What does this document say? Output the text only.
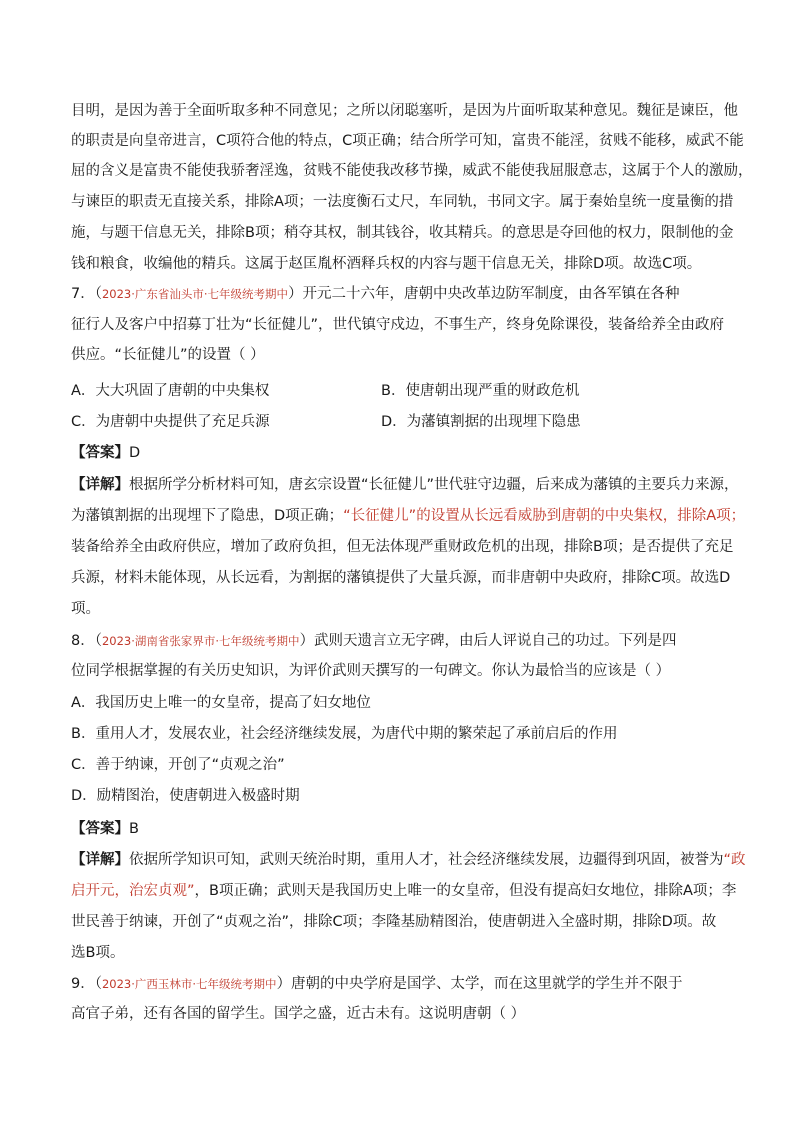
目明，是因为善于全面听取多种不同意见；之所以闭聪塞听，是因为片面听取某种意见。魏征是谏臣，他
的职责是向皇帝进言，C项符合他的特点，C项正确；结合所学可知，富贵不能淫，贫贱不能移，威武不能
屈的含义是富贵不能使我骄奢淫逸，贫贱不能使我改移节操，威武不能使我屈服意志，这属于个人的激励，
与谏臣的职责无直接关系，排除A项；一法度衡石丈尺，车同轨，书同文字。属于秦始皇统一度量衡的措
施，与题干信息无关，排除B项；稍夺其权，制其钱谷，收其精兵。的意思是夺回他的权力，限制他的金
钱和粮食，收编他的精兵。这属于赵匡胤杯酒释兵权的内容与题干信息无关，排除D项。故选C项。
7．（2023·广东省汕头市·七年级统考期中）开元二十六年，唐朝中央改革边防军制度，由各军镇在各种
征行人及客户中招募丁壮为“长征健儿”，世代镇守戍边，不事生产，终身免除课役，装备给养全由政府
供应。“长征健儿”的设置（ ）
A．大大巩固了唐朝的中央集权	B．使唐朝出现严重的财政危机
C．为唐朝中央提供了充足兵源	D．为藩镇割据的出现埋下隐患
【答案】D
【详解】根据所学分析材料可知，唐玄宗设置“长征健儿”世代驻守边疆，后来成为藩镇的主要兵力来源，
为藩镇割据的出现埋下了隐患，D项正确；“长征健儿”的设置从长远看威胁到唐朝的中央集权，排除A项；
装备给养全由政府供应，增加了政府负担，但无法体现严重财政危机的出现，排除B项；是否提供了充足
兵源，材料未能体现，从长远看，为割据的藩镇提供了大量兵源，而非唐朝中央政府，排除C项。故选D
项。
8．（2023·湖南省张家界市·七年级统考期中）武则天遗言立无字碑，由后人评说自己的功过。下列是四
位同学根据掌握的有关历史知识，为评价武则天撰写的一句碑文。你认为最恰当的应该是（ ）
A．我国历史上唯一的女皇帝，提高了妇女地位
B．重用人才，发展农业，社会经济继续发展，为唐代中期的繁荣起了承前启后的作用
C．善于纳谏，开创了“贞观之治”
D．励精图治，使唐朝进入极盛时期
【答案】B
【详解】依据所学知识可知，武则天统治时期，重用人才，社会经济继续发展，边疆得到巩固，被誉为“政
启开元，治宏贞观”，B项正确；武则天是我国历史上唯一的女皇帝，但没有提高妇女地位，排除A项；李
世民善于纳谏，开创了“贞观之治”，排除C项；李隆基励精图治，使唐朝进入全盛时期，排除D项。故
选B项。
9．（2023·广西玉林市·七年级统考期中）唐朝的中央学府是国学、太学，而在这里就学的学生并不限于
高官子弟，还有各国的留学生。国学之盛，近古未有。这说明唐朝（ ）
